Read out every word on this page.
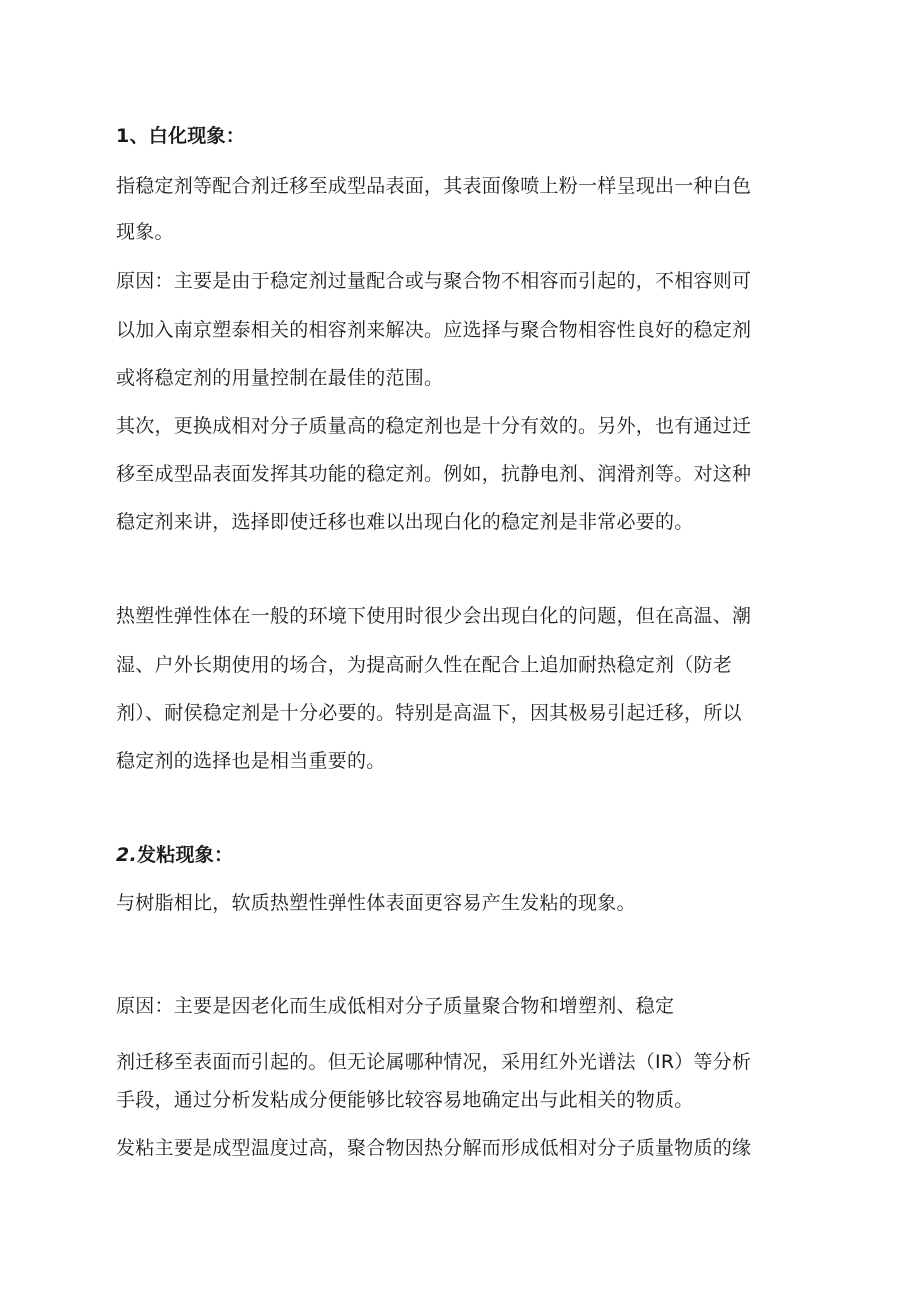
1、白化现象：
指稳定剂等配合剂迁移至成型品表面，其表面像喷上粉一样呈现出一种白色
现象。
原因：主要是由于稳定剂过量配合或与聚合物不相容而引起的，不相容则可
以加入南京塑泰相关的相容剂来解决。应选择与聚合物相容性良好的稳定剂
或将稳定剂的用量控制在最佳的范围。
其次，更换成相对分子质量高的稳定剂也是十分有效的。另外，也有通过迁
移至成型品表面发挥其功能的稳定剂。例如，抗静电剂、润滑剂等。对这种
稳定剂来讲，选择即使迁移也难以出现白化的稳定剂是非常必要的。
热塑性弹性体在一般的环境下使用时很少会出现白化的问题，但在高温、潮
湿、户外长期使用的场合，为提高耐久性在配合上追加耐热稳定剂（防老
剂）、耐侯稳定剂是十分必要的。特别是高温下，因其极易引起迁移，所以
稳定剂的选择也是相当重要的。
2.发粘现象：
与树脂相比，软质热塑性弹性体表面更容易产生发粘的现象。
原因：主要是因老化而生成低相对分子质量聚合物和增塑剂、稳定
剂迁移至表面而引起的。但无论属哪种情况，采用红外光谱法（IR）等分析
手段，通过分析发粘成分便能够比较容易地确定出与此相关的物质。
发粘主要是成型温度过高，聚合物因热分解而形成低相对分子质量物质的缘
